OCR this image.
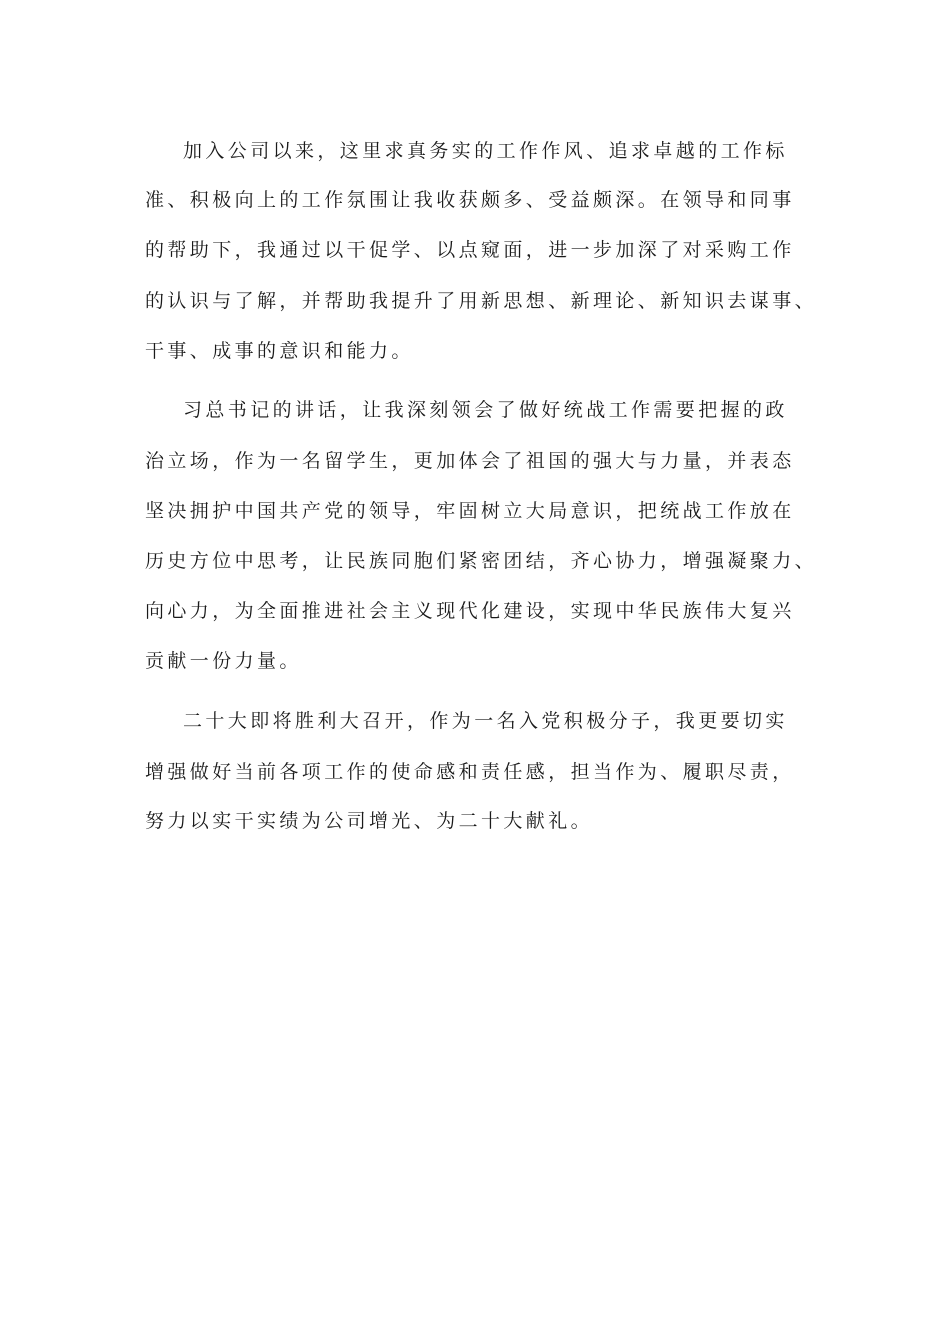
加入公司以来，这里求真务实的工作作风、追求卓越的工作标
准、积极向上的工作氛围让我收获颇多、受益颇深。在领导和同事
的帮助下，我通过以干促学、以点窥面，进一步加深了对采购工作
的认识与了解，并帮助我提升了用新思想、新理论、新知识去谋事、
干事、成事的意识和能力。
习总书记的讲话，让我深刻领会了做好统战工作需要把握的政
治立场，作为一名留学生，更加体会了祖国的强大与力量，并表态
坚决拥护中国共产党的领导，牢固树立大局意识，把统战工作放在
历史方位中思考，让民族同胞们紧密团结，齐心协力，增强凝聚力、
向心力，为全面推进社会主义现代化建设，实现中华民族伟大复兴
贡献一份力量。
二十大即将胜利大召开，作为一名入党积极分子，我更要切实
增强做好当前各项工作的使命感和责任感，担当作为、履职尽责，
努力以实干实绩为公司增光、为二十大献礼。
